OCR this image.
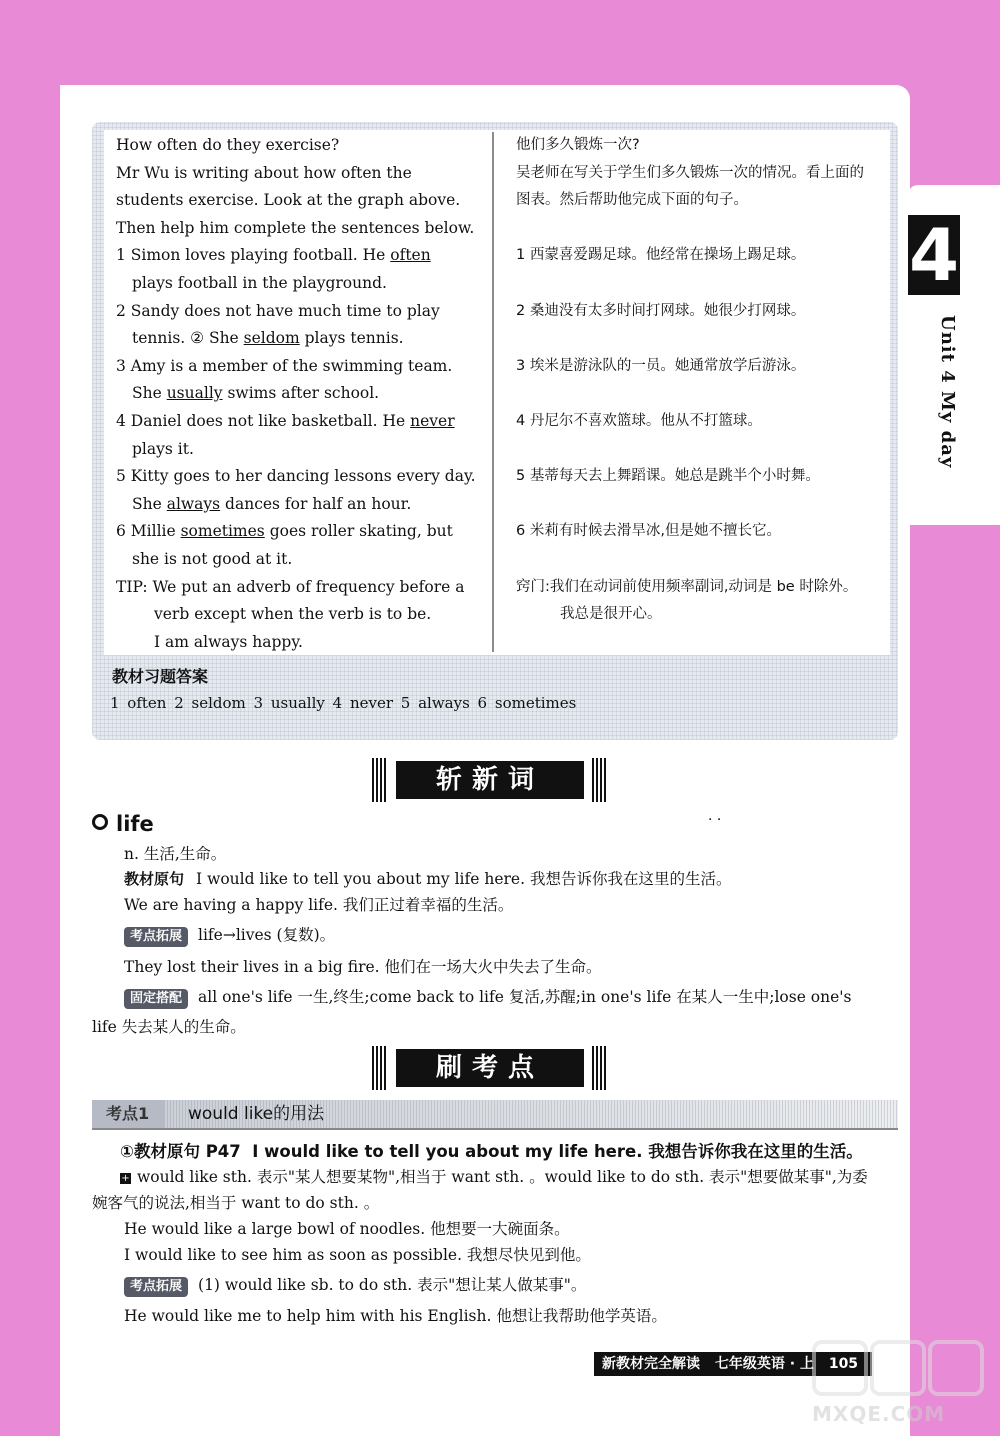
4
Unit 4 My day

How often do they exercise?

Mr Wu is writing about how often the students exercise. Look at the graph above. Then help him complete the sentences below.

1 Simon loves playing football. He often plays football in the playground.

2 Sandy does not have much time to play tennis. ② She seldom plays tennis.

3 Amy is a member of the swimming team. She usually swims after school.

4 Daniel does not like basketball. He never plays it.

5 Kitty goes to her dancing lessons every day. She always dances for half an hour.

6 Millie sometimes goes roller skating, but she is not good at it.

TIP: We put an adverb of frequency before a verb except when the verb is to be.

I am always happy.

他们多久锻炼一次?

吴老师在写关于学生们多久锻炼一次的情况。看上面的图表。然后帮助他完成下面的句子。

1 西蒙喜爱踢足球。他经常在操场上踢足球。

2 桑迪没有太多时间打网球。她很少打网球。

3 埃米是游泳队的一员。她通常放学后游泳。

4 丹尼尔不喜欢篮球。他从不打篮球。

5 基蒂每天去上舞蹈课。她总是跳半个小时舞。

6 米莉有时候去滑旱冰,但是她不擅长它。

窍门:我们在动词前使用频率副词,动词是 be 时除外。

我总是很开心。

教材习题答案
1 often 2 seldom 3 usually 4 never 5 always 6 sometimes
斩新词
life	· ·
n. 生活,生命。
教材原句 I would like to tell you about my life here. 我想告诉你我在这里的生活。
We are having a happy life. 我们正过着幸福的生活。
考点拓展 life→lives (复数)。
They lost their lives in a big fire. 他们在一场大火中失去了生命。
固定搭配 all one's life 一生,终生;come back to life 复活,苏醒;in one's life 在某人一生中;lose one's
life 失去某人的生命。
刷考点
考点1	would like的用法
①教材原句 P47 I would like to tell you about my life here. 我想告诉你我在这里的生活。
+ would like sth. 表示"某人想要某物",相当于 want sth. 。would like to do sth. 表示"想要做某事",为委
婉客气的说法,相当于 want to do sth. 。
He would like a large bowl of noodles. 他想要一大碗面条。
I would like to see him as soon as possible. 我想尽快见到他。
考点拓展 (1) would like sb. to do sth. 表示"想让某人做某事"。
He would like me to help him with his English. 他想让我帮助他学英语。
新教材完全解读 七年级英语 · 上 105
MXQE.COM
